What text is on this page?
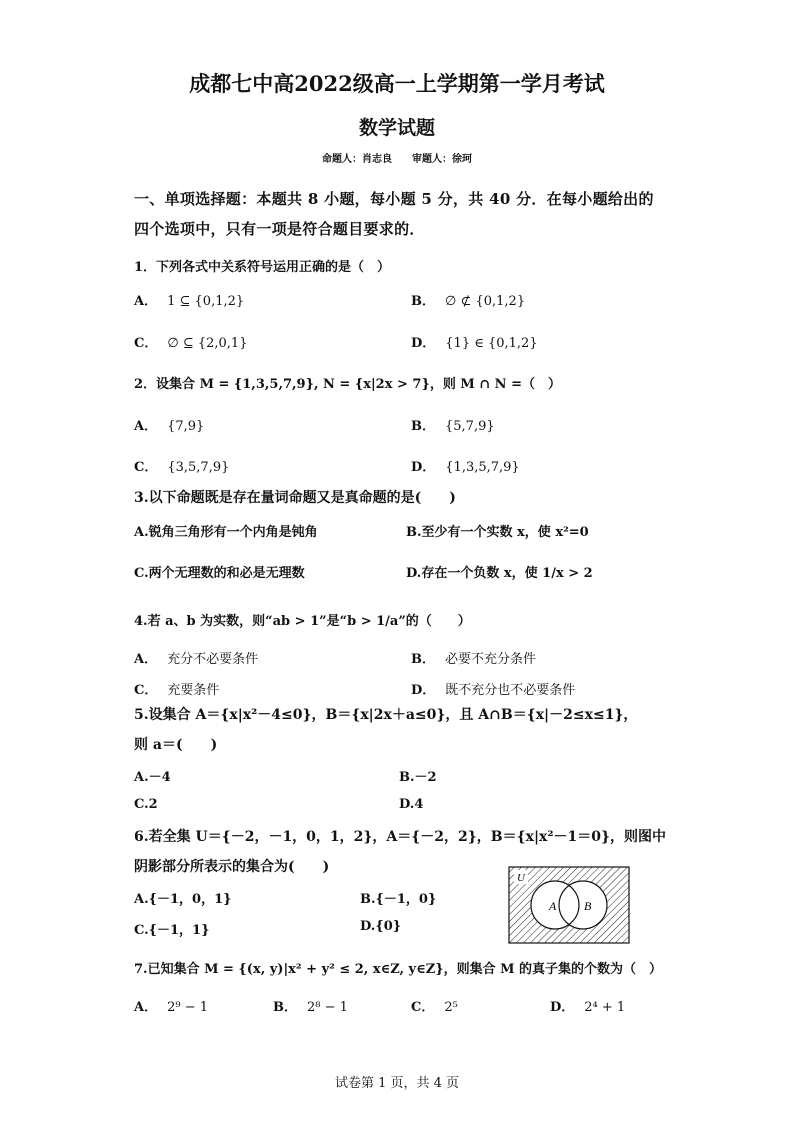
成都七中高2022级高一上学期第一学月考试
数学试题
命题人：肖志良　　审题人：徐珂
一、单项选择题：本题共 8 小题，每小题 5 分，共 40 分．在每小题给出的
四个选项中，只有一项是符合题目要求的．
1．下列各式中关系符号运用正确的是（　）
A． 1 ⊆ {0,1,2}	B． ∅ ⊄ {0,1,2}
C． ∅ ⊆ {2,0,1}	D． {1} ∈ {0,1,2}
2．设集合 M = {1,3,5,7,9}, N = {x|2x > 7}，则 M ∩ N =（　）
A． {7,9}	B． {5,7,9}
C． {3,5,7,9}	D． {1,3,5,7,9}
3.以下命题既是存在量词命题又是真命题的是(　　)
A.锐角三角形有一个内角是钝角	B.至少有一个实数 x，使 x²=0
C.两个无理数的和必是无理数	D.存在一个负数 x，使 1/x > 2
4.若 a、b 为实数，则“ab > 1”是“b > 1/a”的（　　）
A． 充分不必要条件	B． 必要不充分条件
C． 充要条件	D． 既不充分也不必要条件
5.设集合 A＝{x|x²－4≤0}，B＝{x|2x＋a≤0}，且 A∩B＝{x|－2≤x≤1}，
则 a＝(　　)
A.－4	B.－2
C.2	D.4
6.若全集 U＝{－2，－1，0，1，2}，A＝{－2，2}，B＝{x|x²－1＝0}，则图中
阴影部分所表示的集合为(　　)
A.{－1，0，1}	B.{－1，0}
C.{－1，1}	D.{0}
U
A B
7.已知集合 M = {(x, y)|x² + y² ≤ 2, x∈Z, y∈Z}，则集合 M 的真子集的个数为（　）
A． 2⁹ − 1	B． 2⁸ − 1	C． 2⁵	D． 2⁴ + 1
试卷第 1 页，共 4 页
